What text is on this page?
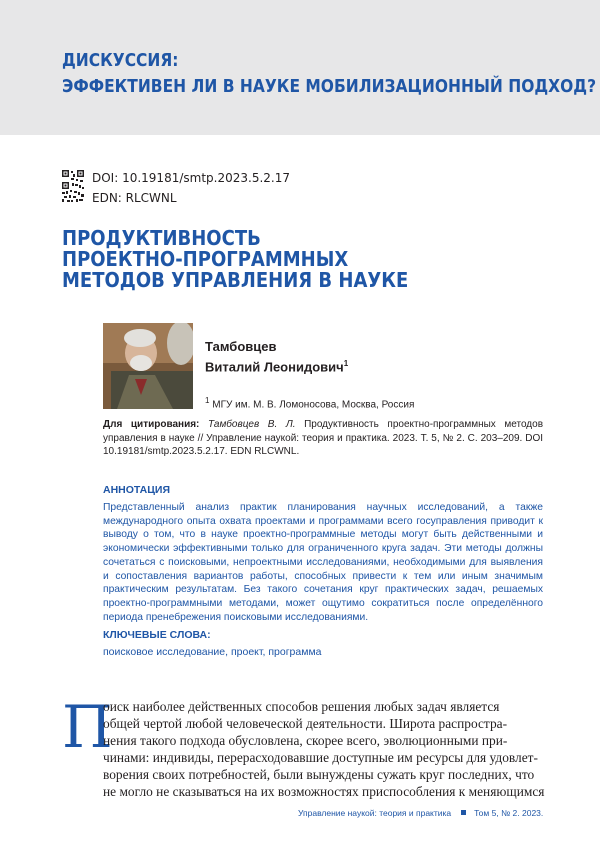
ДИСКУССИЯ:
ЭФФЕКТИВЕН ЛИ В НАУКЕ МОБИЛИЗАЦИОННЫЙ ПОДХОД?
DOI: 10.19181/smtp.2023.5.2.17
EDN: RLCWNL
ПРОДУКТИВНОСТЬ
ПРОЕКТНО-ПРОГРАММНЫХ
МЕТОДОВ УПРАВЛЕНИЯ В НАУКЕ
Тамбовцев
Виталий Леонидович$^1$
$^1$ МГУ им. М. В. Ломоносова, Москва, Россия
Для цитирования: Тамбовцев В. Л. Продуктивность проектно-программных методов управления в науке // Управление наукой: теория и практика. 2023. Т. 5, № 2. С. 203–209. DOI 10.19181/smtp.2023.5.2.17. EDN RLCWNL.
АННОТАЦИЯ
Представленный анализ практик планирования научных исследований, а также международного опыта охвата проектами и программами всего госуправления приводит к выводу о том, что в науке проектно-программные методы могут быть действенными и экономически эффективными только для ограниченного круга задач. Эти методы должны сочетаться с поисковыми, непроектными исследованиями, необходимыми для выявления и сопоставления вариантов работы, способных привести к тем или иным значимым практическим результатам. Без такого сочетания круг практических задач, решаемых проектно-программными методами, может ощутимо сократиться после определённого периода пренебрежения поисковыми исследованиями.
КЛЮЧЕВЫЕ СЛОВА:
поисковое исследование, проект, программа
П
оиск наиболее действенных способов решения любых задач является
общей чертой любой человеческой деятельности. Широта распростра-
нения такого подхода обусловлена, скорее всего, эволюционными при-
чинами: индивиды, перерасходовавшие доступные им ресурсы для удовлет-
ворения своих потребностей, были вынуждены сужать круг последних, что
не могло не сказываться на их возможностях приспособления к меняющимся
Управление наукой: теория и практика	Том 5, № 2. 2023.
